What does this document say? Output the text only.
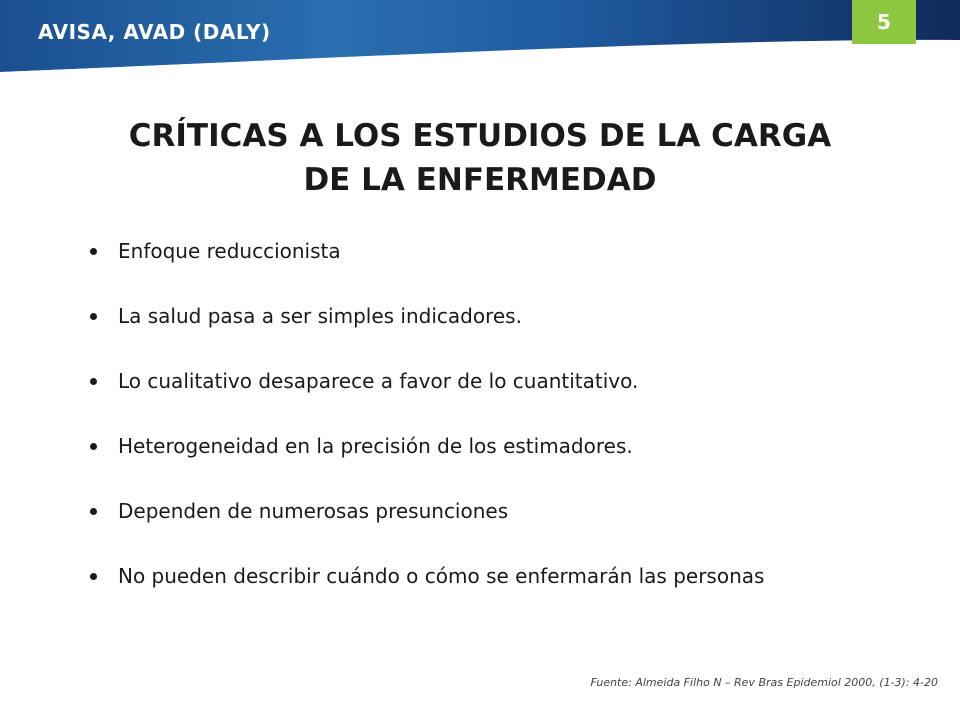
AVISA, AVAD (DALY)	5
CRÍTICAS A LOS ESTUDIOS DE LA CARGA
DE LA ENFERMEDAD
Enfoque reduccionista
La salud pasa a ser simples indicadores.
Lo cualitativo desaparece a favor de lo cuantitativo.
Heterogeneidad en la precisión de los estimadores.
Dependen de numerosas presunciones
No pueden describir cuándo o cómo se enfermarán las personas
Fuente: Almeida Filho N – Rev Bras Epidemiol 2000, (1-3): 4-20
